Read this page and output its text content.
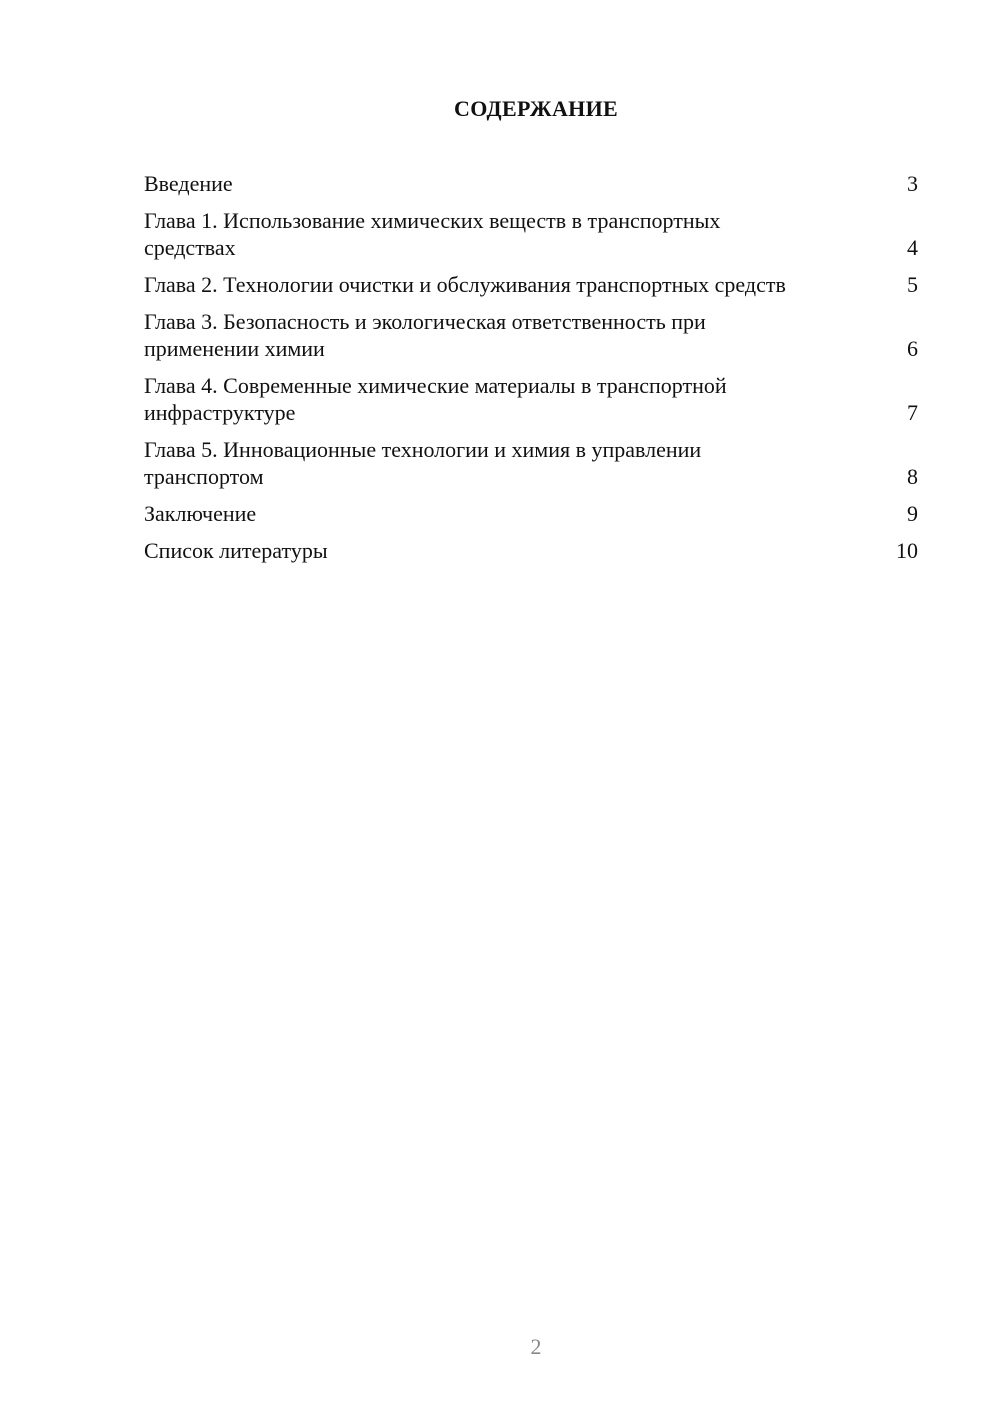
СОДЕРЖАНИЕ
Введение	3
Глава 1. Использование химических веществ в транспортных средствах	4
Глава 2. Технологии очистки и обслуживания транспортных средств	5
Глава 3. Безопасность и экологическая ответственность при применении химии	6
Глава 4. Современные химические материалы в транспортной инфраструктуре	7
Глава 5. Инновационные технологии и химия в управлении транспортом	8
Заключение	9
Список литературы	10
2
